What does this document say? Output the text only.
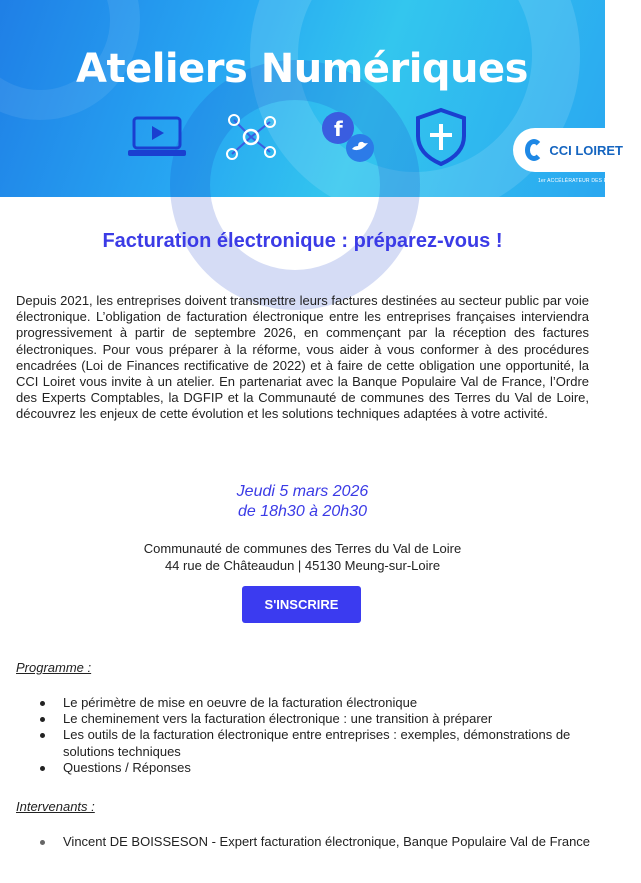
Ateliers Numériques
f
CCI LOIRET
1er ACCÉLÉRATEUR DES ENTREPRISES
Facturation électronique : préparez-vous !
Depuis 2021, les entreprises doivent transmettre leurs factures destinées au secteur public par voie électronique. L’obligation de facturation électronique entre les entreprises françaises interviendra progressivement à partir de septembre 2026, en commençant par la réception des factures électroniques. Pour vous préparer à la réforme, vous aider à vous conformer à des procédures encadrées (Loi de Finances rectificative de 2022) et à faire de cette obligation une opportunité, la CCI Loiret vous invite à un atelier. En partenariat avec la Banque Populaire Val de France, l’Ordre des Experts Comptables, la DGFIP et la Communauté de communes des Terres du Val de Loire, découvrez les enjeux de cette évolution et les solutions techniques adaptées à votre activité.
Jeudi 5 mars 2026
de 18h30 à 20h30
Communauté de communes des Terres du Val de Loire
44 rue de Châteaudun | 45130 Meung-sur-Loire
S'INSCRIRE
Programme :
Le périmètre de mise en oeuvre de la facturation électronique
Le cheminement vers la facturation électronique : une transition à préparer
Les outils de la facturation électronique entre entreprises : exemples, démonstrations de solutions techniques
Questions / Réponses
Intervenants :
Vincent DE BOISSESON - Expert facturation électronique, Banque Populaire Val de France
